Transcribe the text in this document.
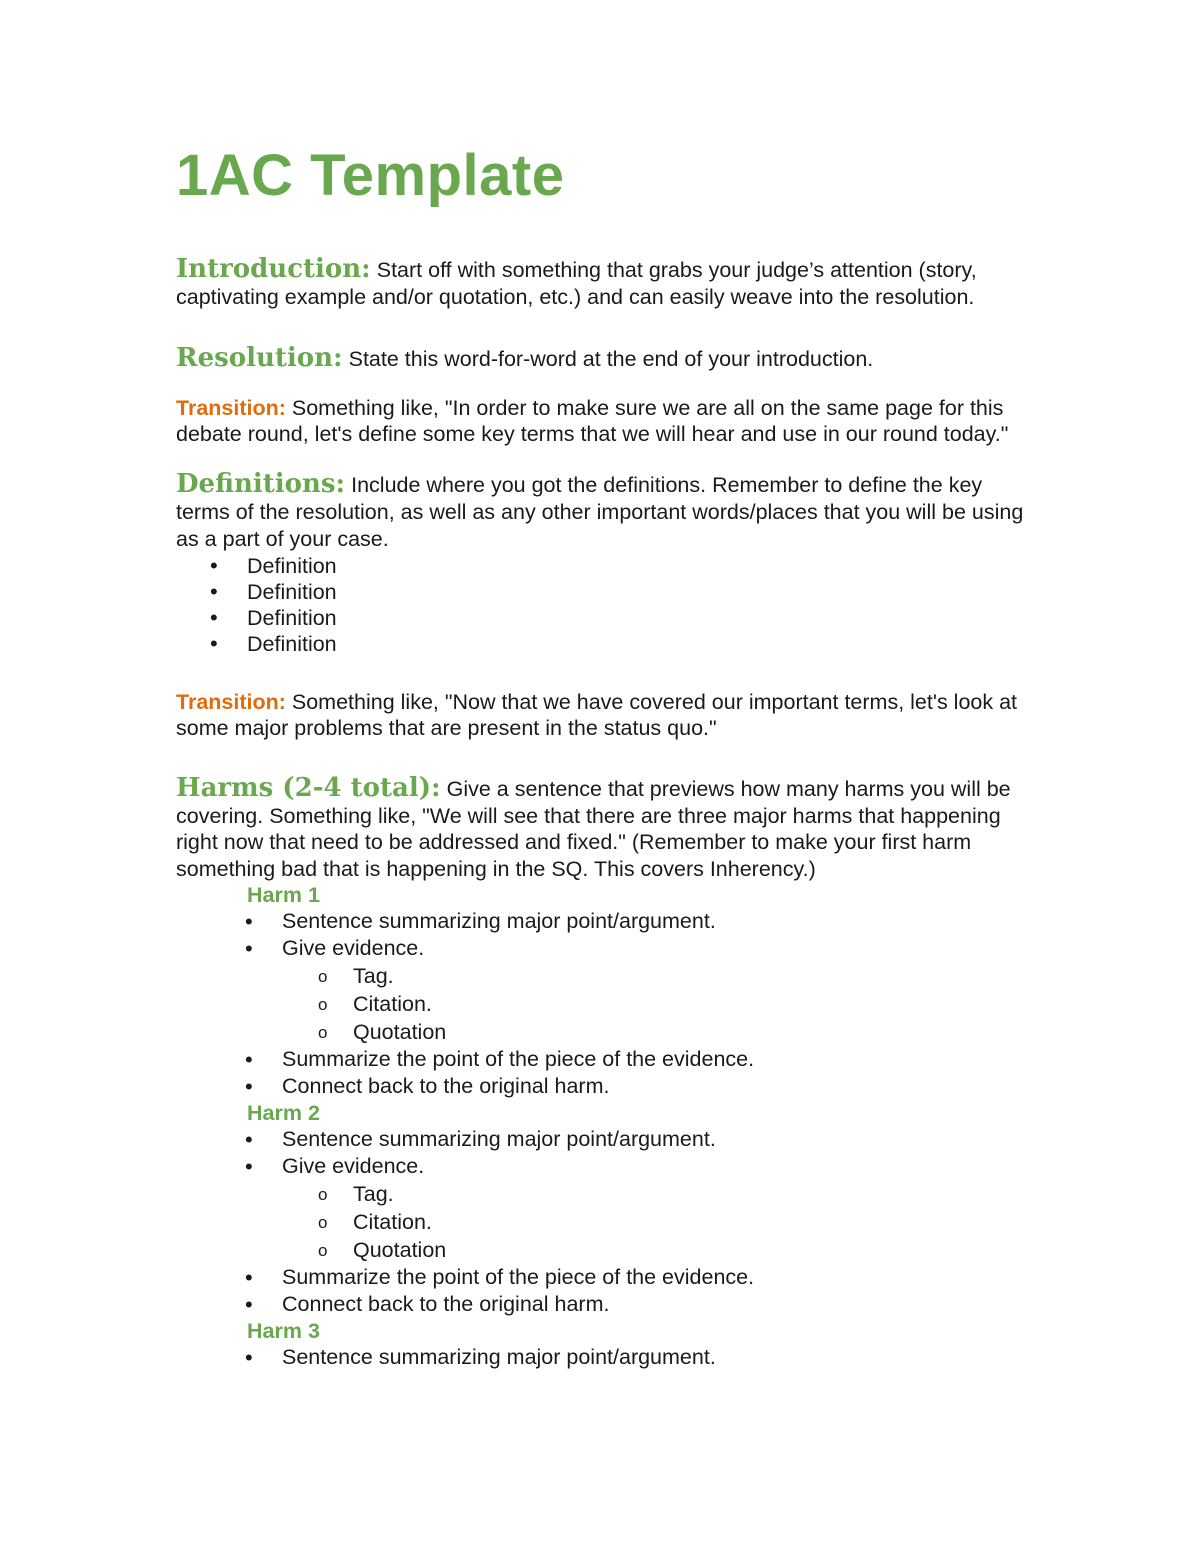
1AC Template

Introduction: Start off with something that grabs your judge’s attention (story, captivating example and/or quotation, etc.) and can easily weave into the resolution.

Resolution: State this word-for-word at the end of your introduction.

Transition: Something like, "In order to make sure we are all on the same page for this debate round, let's define some key terms that we will hear and use in our round today."

Definitions: Include where you got the definitions. Remember to define the key terms of the resolution, as well as any other important words/places that you will be using as a part of your case.

• Definition
• Definition
• Definition
• Definition

Transition: Something like, "Now that we have covered our important terms, let's look at some major problems that are present in the status quo."

Harms (2-4 total): Give a sentence that previews how many harms you will be covering. Something like, "We will see that there are three major harms that happening right now that need to be addressed and fixed." (Remember to make your first harm something bad that is happening in the SQ. This covers Inherency.)

Harm 1
• Sentence summarizing major point/argument.
• Give evidence.
o Tag.
o Citation.
o Quotation
• Summarize the point of the piece of the evidence.
• Connect back to the original harm.
Harm 2
• Sentence summarizing major point/argument.
• Give evidence.
o Tag.
o Citation.
o Quotation
• Summarize the point of the piece of the evidence.
• Connect back to the original harm.
Harm 3
• Sentence summarizing major point/argument.
